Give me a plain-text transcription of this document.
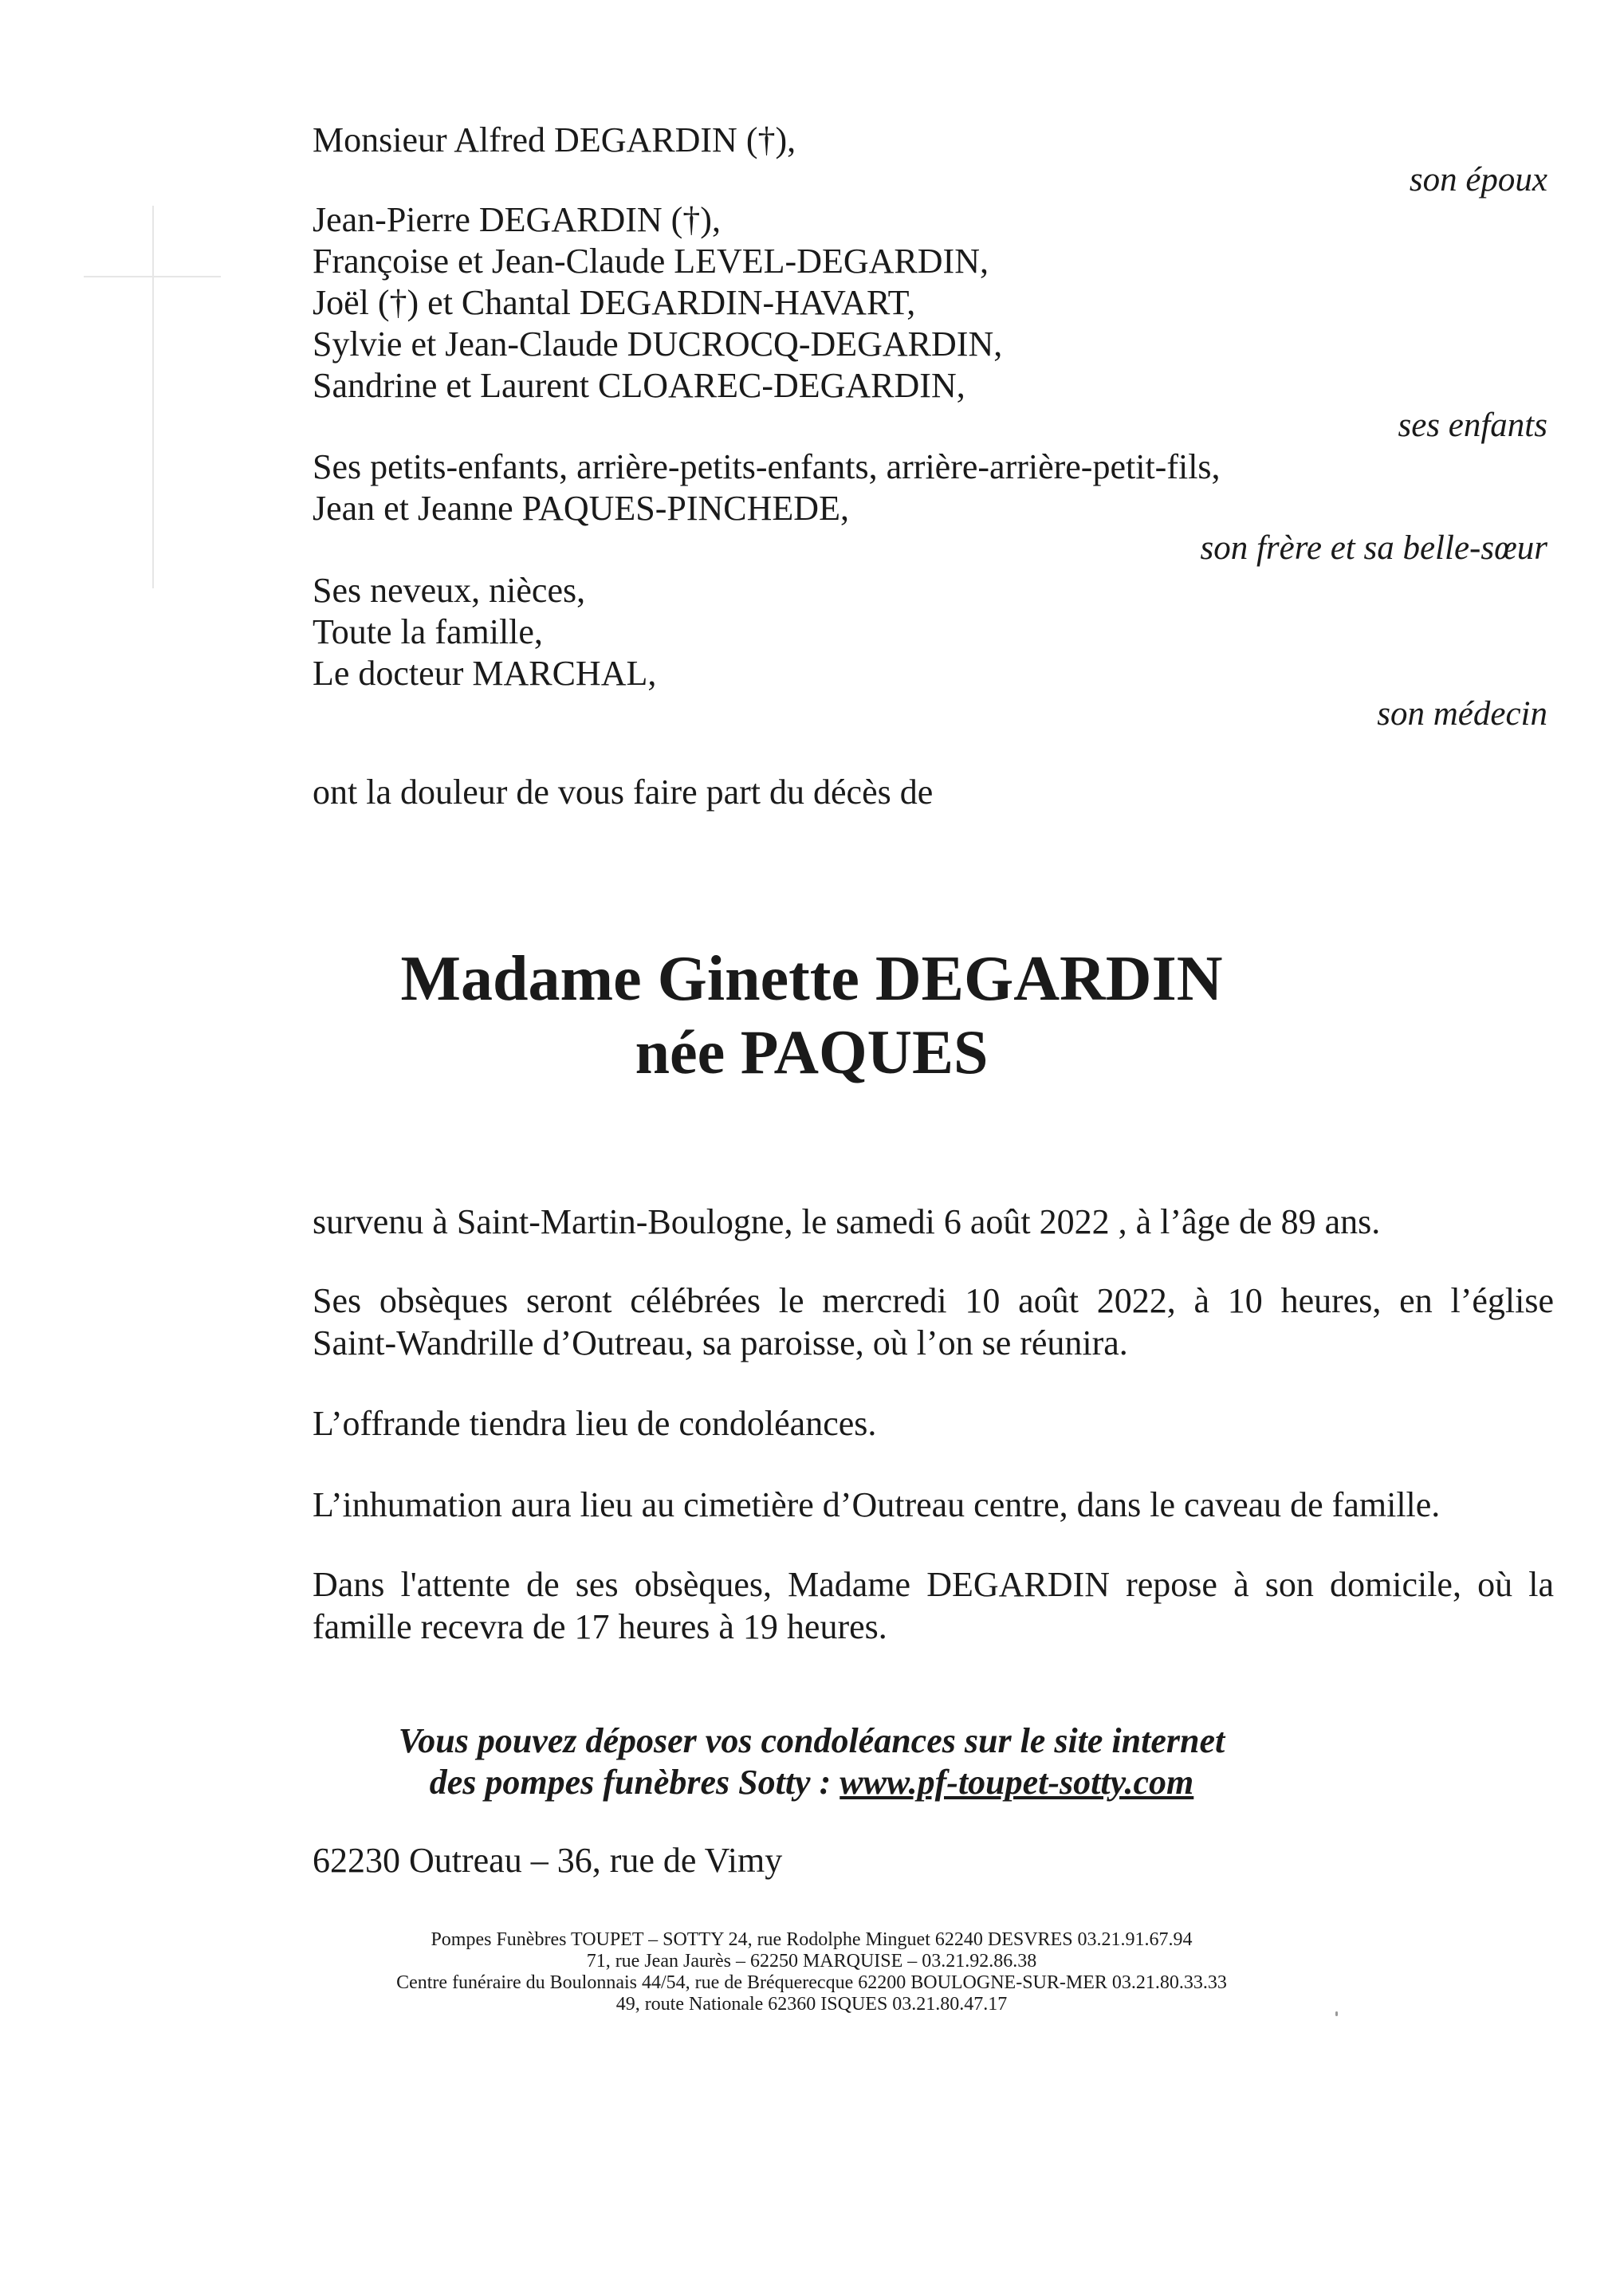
Monsieur Alfred DEGARDIN (†),
son époux
Jean-Pierre DEGARDIN (†),
Françoise et Jean-Claude LEVEL-DEGARDIN,
Joël (†) et Chantal DEGARDIN-HAVART,
Sylvie et Jean-Claude DUCROCQ-DEGARDIN,
Sandrine et Laurent CLOAREC-DEGARDIN,
ses enfants
Ses petits-enfants, arrière-petits-enfants, arrière-arrière-petit-fils,
Jean et Jeanne PAQUES-PINCHEDE,
son frère et sa belle-sœur
Ses neveux, nièces,
Toute la famille,
Le docteur MARCHAL,
son médecin
ont la douleur de vous faire part du décès de
Madame Ginette DEGARDIN
née PAQUES
survenu à Saint-Martin-Boulogne, le samedi 6 août 2022 , à l’âge de 89 ans.
Ses obsèques seront célébrées le mercredi 10 août 2022, à 10 heures, en l’église
Saint-Wandrille d’Outreau, sa paroisse, où l’on se réunira.
L’offrande tiendra lieu de condoléances.
L’inhumation aura lieu au cimetière d’Outreau centre, dans le caveau de famille.
Dans l'attente de ses obsèques, Madame DEGARDIN repose à son domicile, où la
famille recevra de 17 heures à 19 heures.
Vous pouvez déposer vos condoléances sur le site internet
des pompes funèbres Sotty : www.pf-toupet-sotty.com
62230 Outreau – 36, rue de Vimy
Pompes Funèbres TOUPET – SOTTY 24, rue Rodolphe Minguet 62240 DESVRES 03.21.91.67.94
71, rue Jean Jaurès – 62250 MARQUISE – 03.21.92.86.38
Centre funéraire du Boulonnais 44/54, rue de Bréquerecque 62200 BOULOGNE-SUR-MER 03.21.80.33.33
49, route Nationale 62360 ISQUES 03.21.80.47.17
